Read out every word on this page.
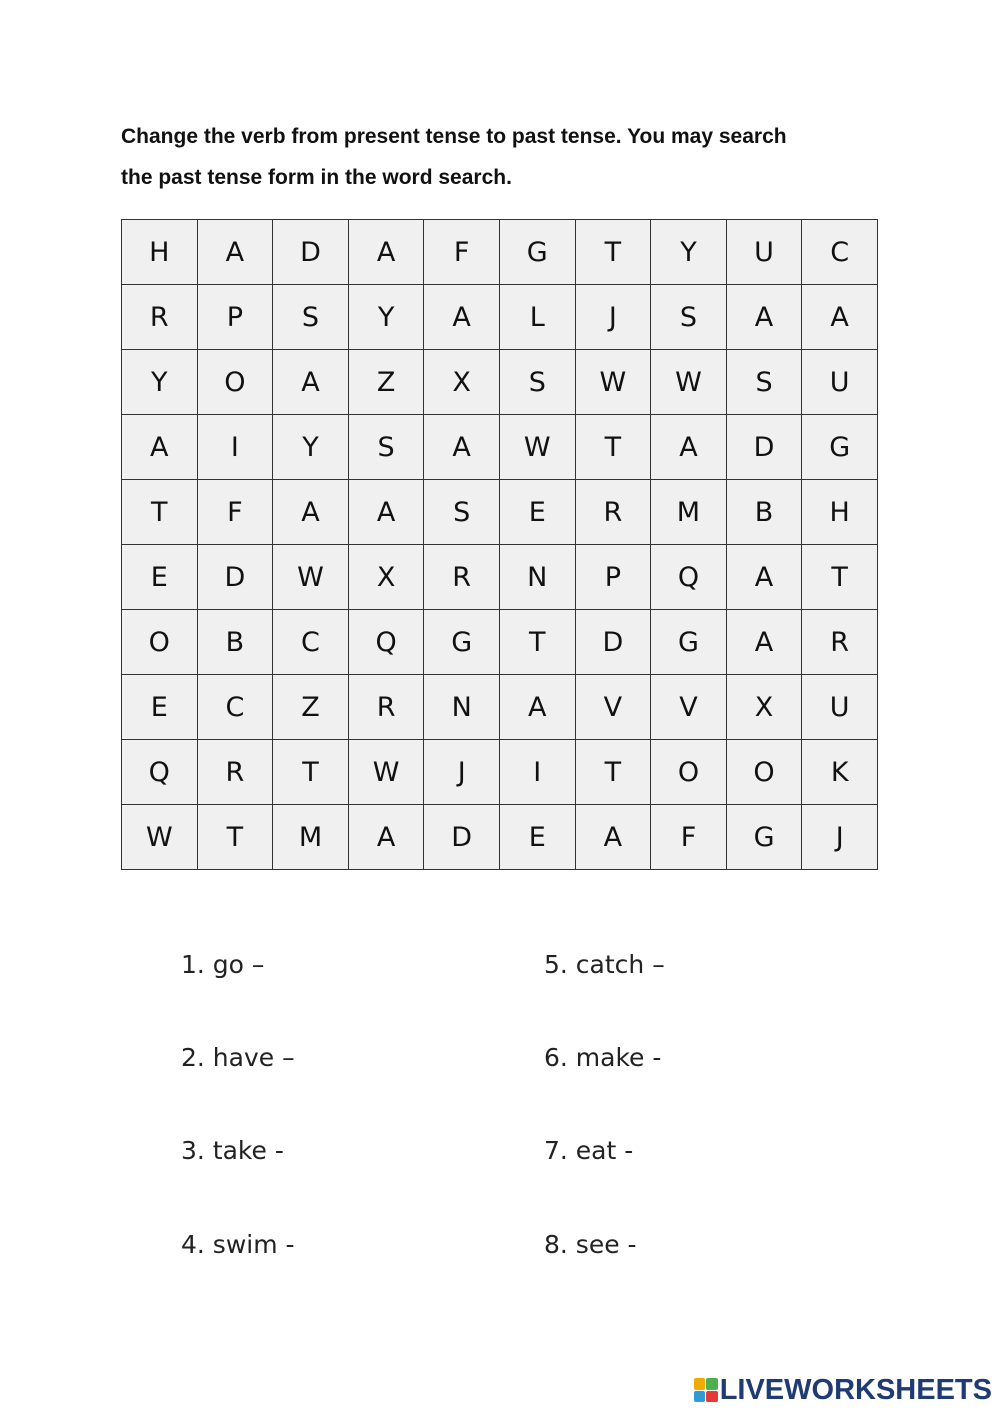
Change the verb from present tense to past tense. You may search
the past tense form in the word search.

H	A	D	A	F	G	T	Y	U	C
R	P	S	Y	A	L	J	S	A	A
Y	O	A	Z	X	S	W	W	S	U
A	I	Y	S	A	W	T	A	D	G
T	F	A	A	S	E	R	M	B	H
E	D	W	X	R	N	P	Q	A	T
O	B	C	Q	G	T	D	G	A	R
E	C	Z	R	N	A	V	V	X	U
Q	R	T	W	J	I	T	O	O	K
W	T	M	A	D	E	A	F	G	J
1. go –
2. have –
3. take -
4. swim -
5. catch –
6. make -
7. eat -
8. see -
LIVEWORKSHEETS
